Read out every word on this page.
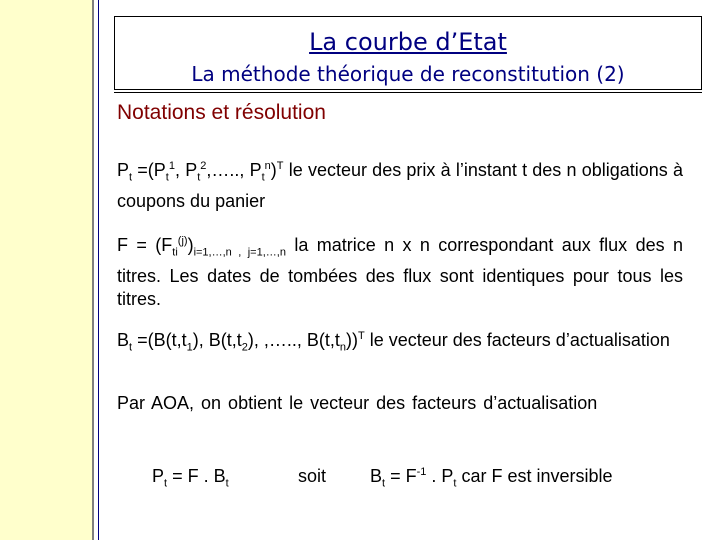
La courbe d’Etat
La méthode théorique de reconstitution (2)
Notations et résolution
$P_t =(P_t^1$, $P_t^2,\dots$.., $P_t^n)^T$ le vecteur des prix à l’instant t des n obligations à coupons du panier
$F = (F_{ti}^{(j)})_{i=1,\dots,n , j=1,\dots,n}$ la matrice n x n correspondant aux flux des n titres. Les dates de tombées des flux sont identiques pour tous les titres.
$B_t =(B(t,t_1)$, $B(t,t_2)$, ,….., $B(t,t_n))^T$ le vecteur des facteurs d’actualisation
Par AOA, on obtient le vecteur des facteurs d’actualisation
$P_t = F$ . $B_t$	soit $B_t = F^{-1}$ . $P_t$ car F est inversible
